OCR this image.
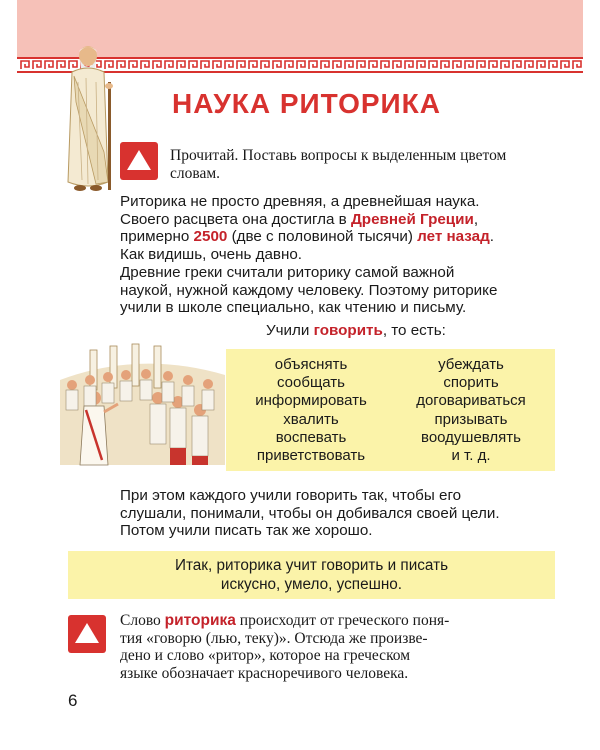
НАУКА РИТОРИКА
Прочитай. Поставь вопросы к выделенным цветом словам.
Риторика не просто древняя, а древнейшая наука.
Своего расцвета она достигла в Древней Греции,
примерно 2500 (две с половиной тысячи) лет назад.
Как видишь, очень давно.
Древние греки считали риторику самой важной
наукой, нужной каждому человеку. Поэтому риторике
учили в школе специально, как чтению и письму.
Учили говорить, то есть:
объяснять
сообщать
информировать
хвалить
воспевать
приветствовать
убеждать
спорить
договариваться
призывать
воодушевлять
и т. д.
При этом каждого учили говорить так, чтобы его
слушали, понимали, чтобы он добивался своей цели.
Потом учили писать так же хорошо.
Итак, риторика учит говорить и писать
искусно, умело, успешно.
Слово риторика происходит от греческого поня-
тия «говорю (лью, теку)». Отсюда же произве-
дено и слово «ритор», которое на греческом
языке обозначает красноречивого человека.
6
